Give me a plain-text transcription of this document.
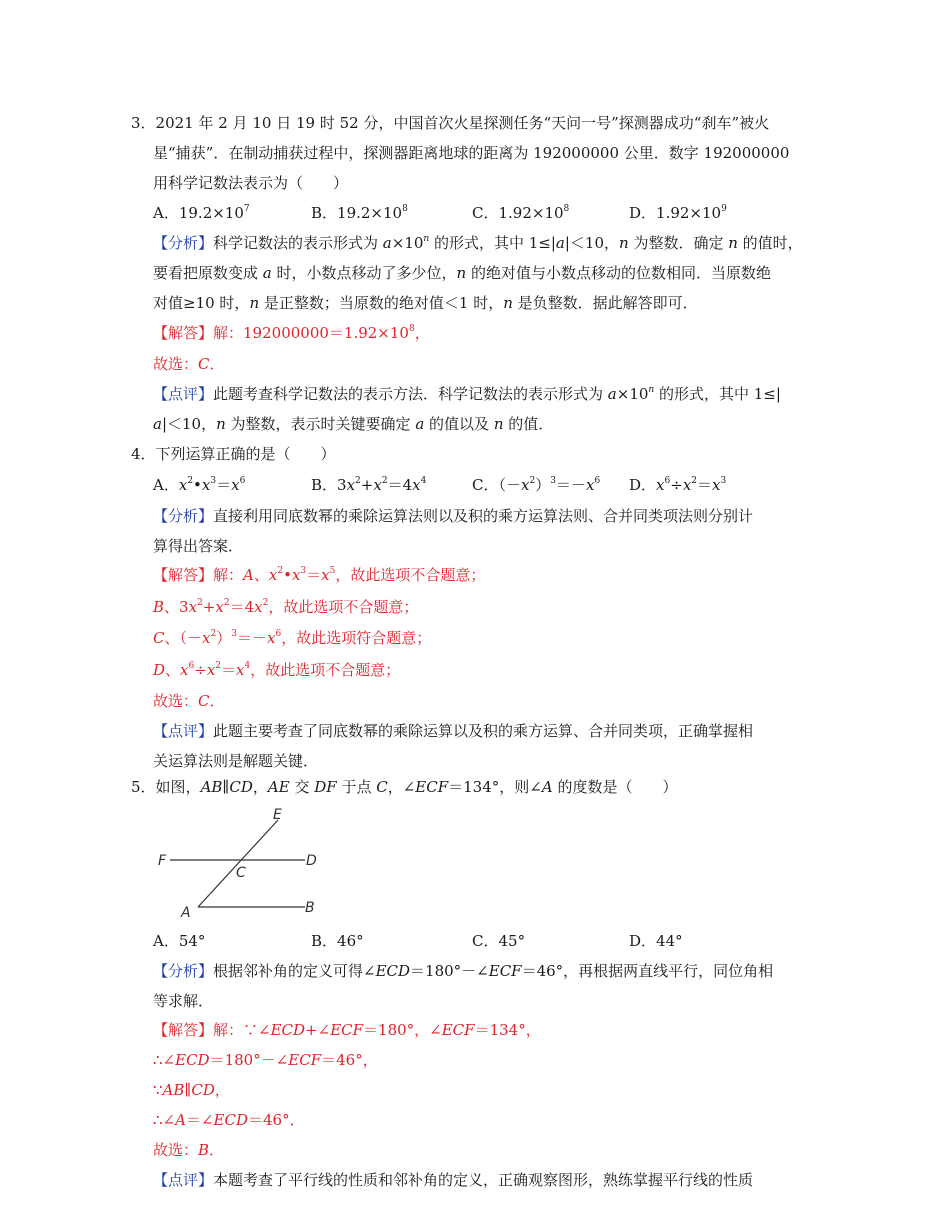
3．2021 年 2 月 10 日 19 时 52 分，中国首次火星探测任务“天问一号”探测器成功“刹车”被火
星“捕获”．在制动捕获过程中，探测器距离地球的距离为 192000000 公里．数字 192000000
用科学记数法表示为（　　）
A．$19.2\times 10^7$	B．$19.2\times 10^8$	C．$1.92\times 10^8$	D．$1.92\times 10^9$
【分析】科学记数法的表示形式为 $a\times 10^n$ 的形式，其中 1≤|a|＜10，n 为整数．确定 n 的值时，
要看把原数变成 a 时，小数点移动了多少位，n 的绝对值与小数点移动的位数相同．当原数绝
对值≥10 时，n 是正整数；当原数的绝对值＜1 时，n 是负整数．据此解答即可．
【解答】解：$192000000=1.92\times 10^8$，
故选：C．
【点评】此题考查科学记数法的表示方法．科学记数法的表示形式为 $a\times 10^n$ 的形式，其中 1≤|
a|＜10，n 为整数，表示时关键要确定 a 的值以及 n 的值．
4．下列运算正确的是（　　）
A．$x^2•x^3=x^6$	B．$3x^2+x^2=4x^4$	C．$(-x^2)^3=-x^6$ D．$x^6\div x^2=x^3$
【分析】直接利用同底数幂的乘除运算法则以及积的乘方运算法则、合并同类项法则分别计
算得出答案．
【解答】解：A、$x^2•x^3=x^5$，故此选项不合题意；
B、$3x^2+x^2=4x^2$，故此选项不合题意；
C、$(-x^2)^3=-x^6$，故此选项符合题意；
D、$x^6\div x^2=x^4$，故此选项不合题意；
故选：C．
【点评】此题主要考查了同底数幂的乘除运算以及积的乘方运算、合并同类项，正确掌握相
关运算法则是解题关键．
5．如图，AB∥CD，AE 交 DF 于点 C，∠ECF＝134°，则∠A 的度数是（　　）
E
F	D
C
A	B
A．54°	B．46°	C．45°	D．44°
【分析】根据邻补角的定义可得∠ECD＝180°－∠ECF＝46°，再根据两直线平行，同位角相
等求解．
【解答】解：∵∠ECD+∠ECF＝180°，∠ECF＝134°，
∴∠ECD＝180°－∠ECF＝46°，
∵AB∥CD，
∴∠A＝∠ECD＝46°．
故选：B．
【点评】本题考查了平行线的性质和邻补角的定义，正确观察图形，熟练掌握平行线的性质
